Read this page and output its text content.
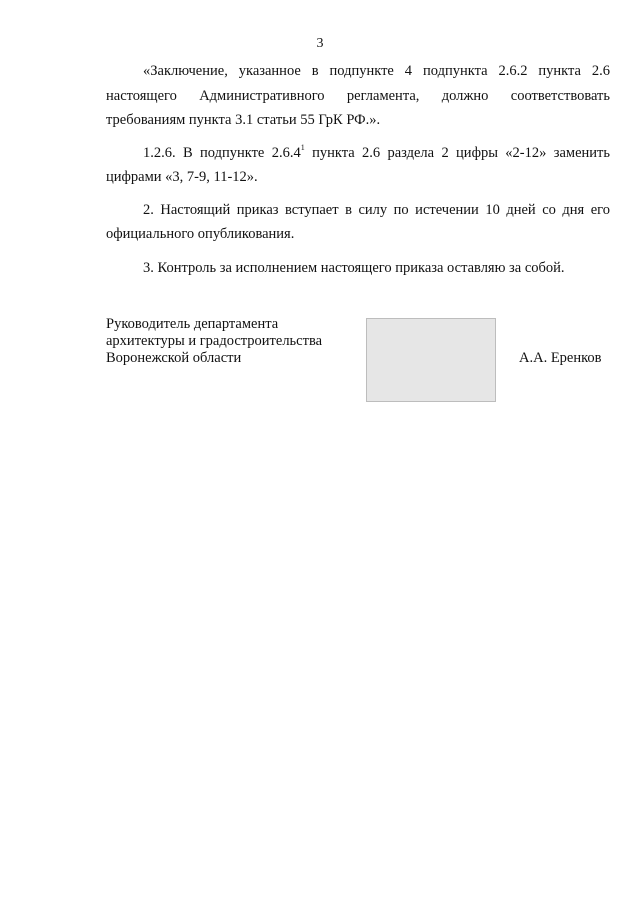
3

«Заключение, указанное в подпункте 4 подпункта 2.6.2 пункта 2.6 настоящего Административного регламента, должно соответствовать требованиям пункта 3.1 статьи 55 ГрК РФ.».

1.2.6. В подпункте 2.6.4$^1$ пункта 2.6 раздела 2 цифры «2-12» заменить цифрами «3, 7-9, 11-12».

2. Настоящий приказ вступает в силу по истечении 10 дней со дня его официального опубликования.

3. Контроль за исполнением настоящего приказа оставляю за собой.

Руководитель департамента
архитектуры и градостроительства
Воронежской области	А.А. Еренков
